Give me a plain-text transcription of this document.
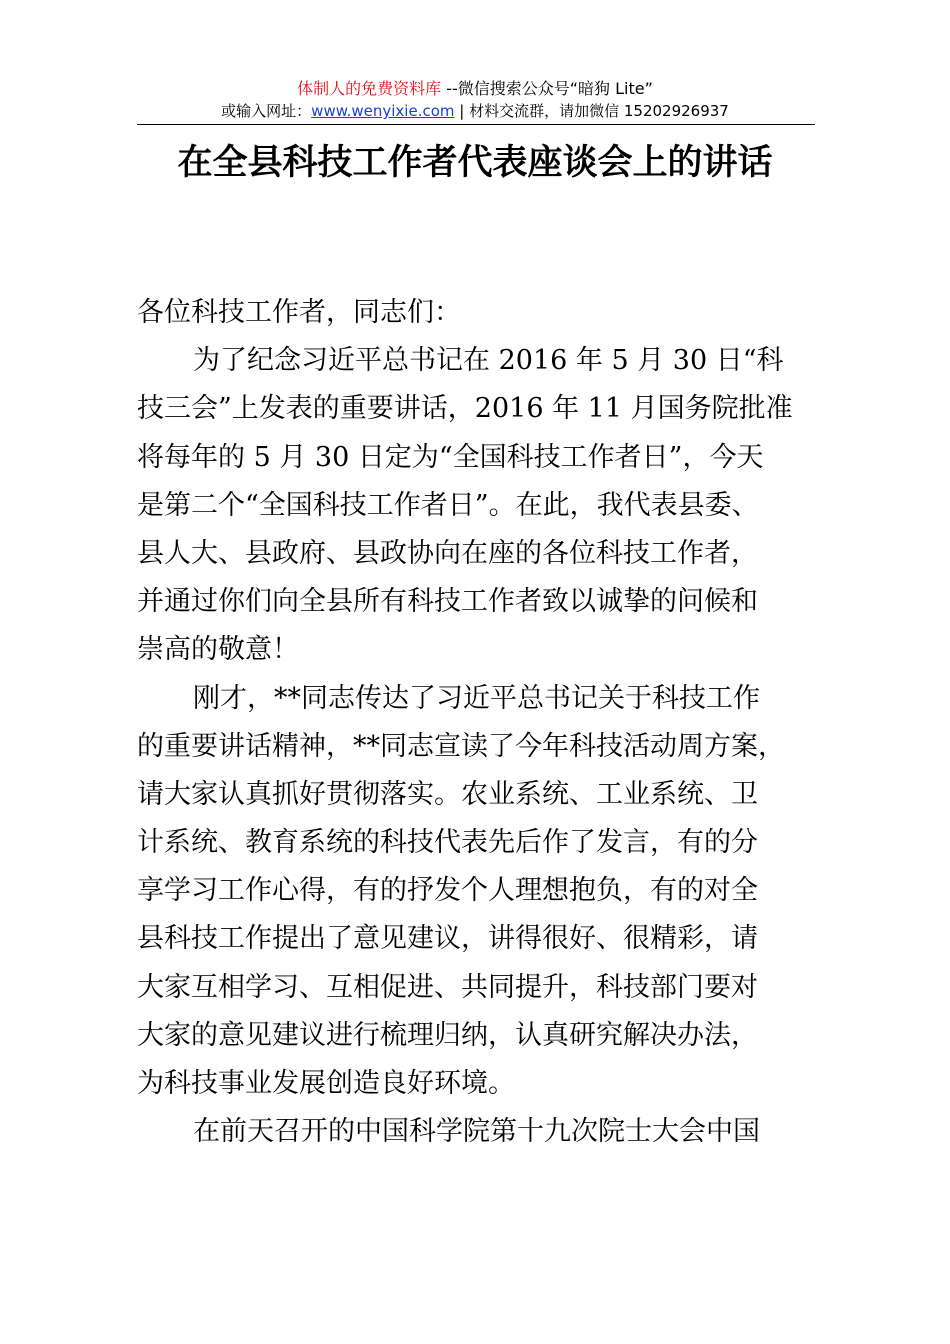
体制人的免费资料库 --微信搜索公众号“暗狗 Lite”
或输入网址：www.wenyixie.com | 材料交流群，请加微信 15202926937
在全县科技工作者代表座谈会上的讲话
各位科技工作者，同志们：
为了纪念习近平总书记在 2016 年 5 月 30 日“科
技三会”上发表的重要讲话，2016 年 11 月国务院批准
将每年的 5 月 30 日定为“全国科技工作者日”，今天
是第二个“全国科技工作者日”。在此，我代表县委、
县人大、县政府、县政协向在座的各位科技工作者，
并通过你们向全县所有科技工作者致以诚挚的问候和
崇高的敬意！
刚才，**同志传达了习近平总书记关于科技工作
的重要讲话精神，**同志宣读了今年科技活动周方案，
请大家认真抓好贯彻落实。农业系统、工业系统、卫
计系统、教育系统的科技代表先后作了发言，有的分
享学习工作心得，有的抒发个人理想抱负，有的对全
县科技工作提出了意见建议，讲得很好、很精彩，请
大家互相学习、互相促进、共同提升，科技部门要对
大家的意见建议进行梳理归纳，认真研究解决办法，
为科技事业发展创造良好环境。
在前天召开的中国科学院第十九次院士大会中国
